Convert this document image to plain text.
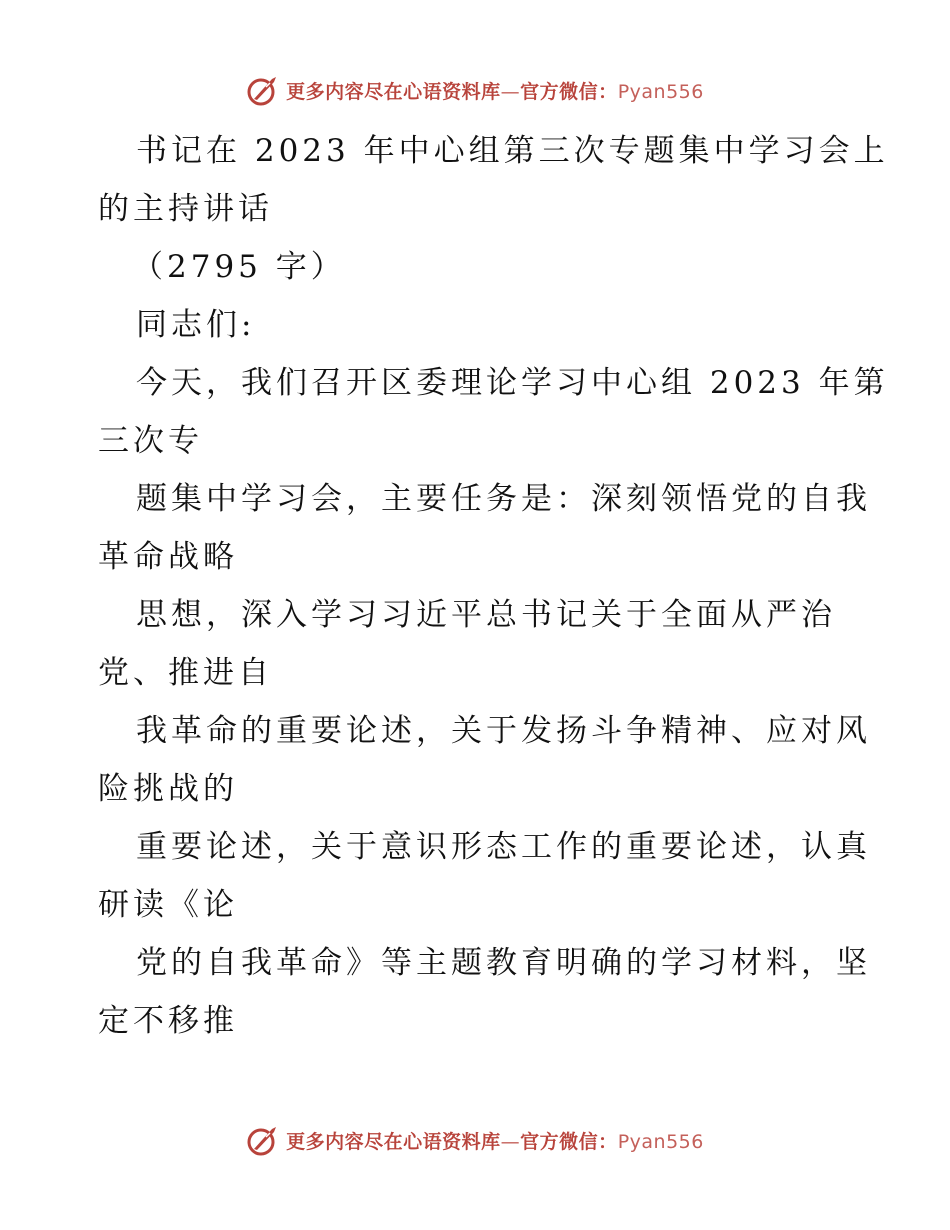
更多内容尽在心语资料库—官方微信：Pyan556
书记在 2023 年中心组第三次专题集中学习会上
的主持讲话
（2795 字）
同志们:
今天，我们召开区委理论学习中心组 2023 年第
三次专
题集中学习会，主要任务是：深刻领悟党的自我
革命战略
思想，深入学习习近平总书记关于全面从严治
党、推进自
我革命的重要论述，关于发扬斗争精神、应对风
险挑战的
重要论述，关于意识形态工作的重要论述，认真
研读《论
党的自我革命》等主题教育明确的学习材料，坚
定不移推
更多内容尽在心语资料库—官方微信：Pyan556
